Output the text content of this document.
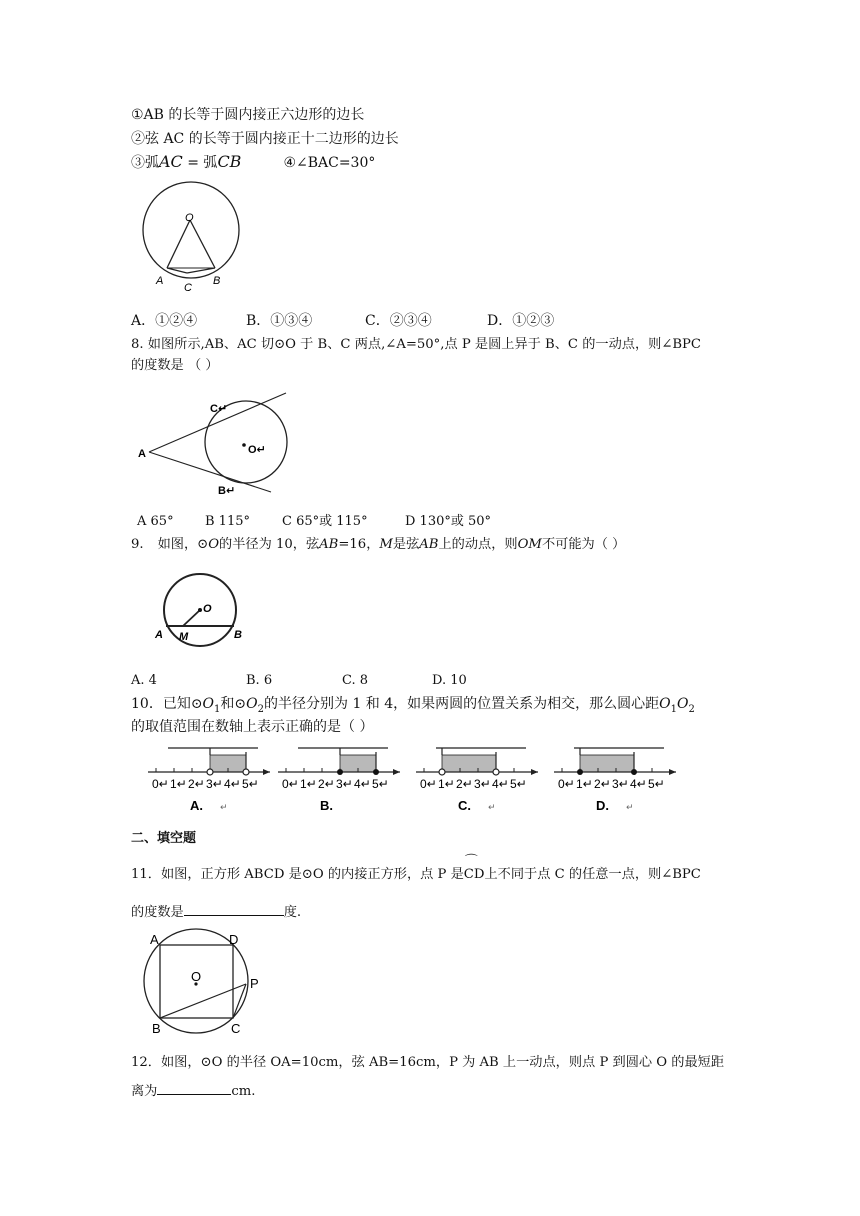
①AB 的长等于圆内接正六边形的边长
②弦 AC 的长等于圆内接正十二边形的边长
③弧AC = 弧CB	④∠BAC=30°
O
A
C
B
A．①②④	B．①③④	C．②③④	D．①②③
8. 如图所示,AB、AC 切⊙O 于 B、C 两点,∠A=50°,点 P 是圆上异于 B、C 的一动点，则∠BPC
的度数是 （ ）
C↵
A	O↵
B↵
A 65° B 115° C 65°或 115°	D 130°或 50°
9. 如图，⊙O的半径为 10，弦AB=16，M是弦AB上的动点，则OM不可能为（ ）
O
A M	B
A. 4	B. 6	C. 8	D. 10
10．已知$⊙O_1$和$⊙O_2$的半径分别为 1 和 4，如果两圆的位置关系为相交，那么圆心距$O_1O_2$
的取值范围在数轴上表示正确的是（ ）
0↵ 1↵ 2↵ 3↵ 4↵ 5↵
A. ↵
0↵ 1↵ 2↵ 3↵ 4↵ 5↵
B.
0↵ 1↵ 2↵ 3↵ 4↵ 5↵
C. ↵
0↵ 1↵ 2↵ 3↵ 4↵ 5↵
D. ↵
二、填空题
11．如图，正方形 ABCD 是⊙O 的内接正方形，点 P 是
⌒
CD上不同于点 C 的任意一点，则∠BPC
的度数是	度.
A	D
O	P
B	C
12．如图，⊙O 的半径 OA=10cm，弦 AB=16cm，P 为 AB 上一动点，则点 P 到圆心 O 的最短距
离为	cm.
